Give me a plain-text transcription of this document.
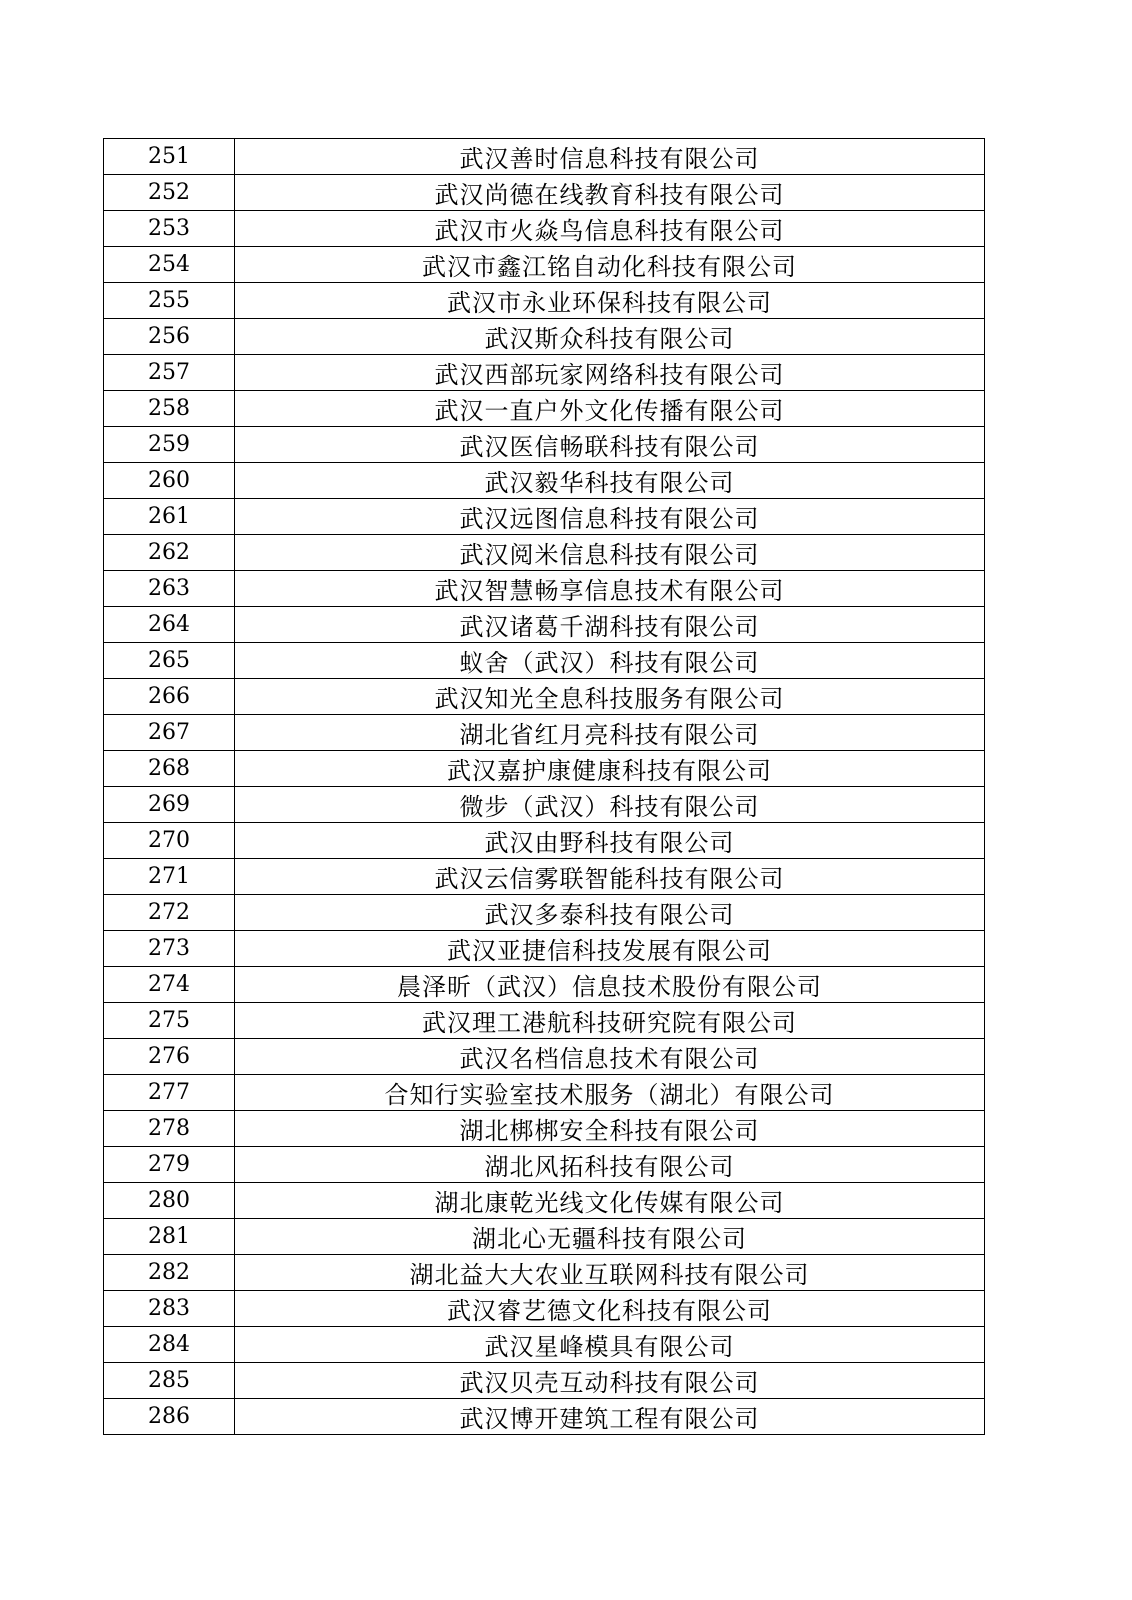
251	武汉善时信息科技有限公司
252	武汉尚德在线教育科技有限公司
253	武汉市火焱鸟信息科技有限公司
254	武汉市鑫江铭自动化科技有限公司
255	武汉市永业环保科技有限公司
256	武汉斯众科技有限公司
257	武汉西部玩家网络科技有限公司
258	武汉一直户外文化传播有限公司
259	武汉医信畅联科技有限公司
260	武汉毅华科技有限公司
261	武汉远图信息科技有限公司
262	武汉阅米信息科技有限公司
263	武汉智慧畅享信息技术有限公司
264	武汉诸葛千湖科技有限公司
265	蚁舍（武汉）科技有限公司
266	武汉知光全息科技服务有限公司
267	湖北省红月亮科技有限公司
268	武汉嘉护康健康科技有限公司
269	微步（武汉）科技有限公司
270	武汉由野科技有限公司
271	武汉云信雾联智能科技有限公司
272	武汉多泰科技有限公司
273	武汉亚捷信科技发展有限公司
274	晨泽昕（武汉）信息技术股份有限公司
275	武汉理工港航科技研究院有限公司
276	武汉名档信息技术有限公司
277	合知行实验室技术服务（湖北）有限公司
278	湖北梆梆安全科技有限公司
279	湖北风拓科技有限公司
280	湖北康乾光线文化传媒有限公司
281	湖北心无疆科技有限公司
282	湖北益大大农业互联网科技有限公司
283	武汉睿艺德文化科技有限公司
284	武汉星峰模具有限公司
285	武汉贝壳互动科技有限公司
286	武汉博开建筑工程有限公司
